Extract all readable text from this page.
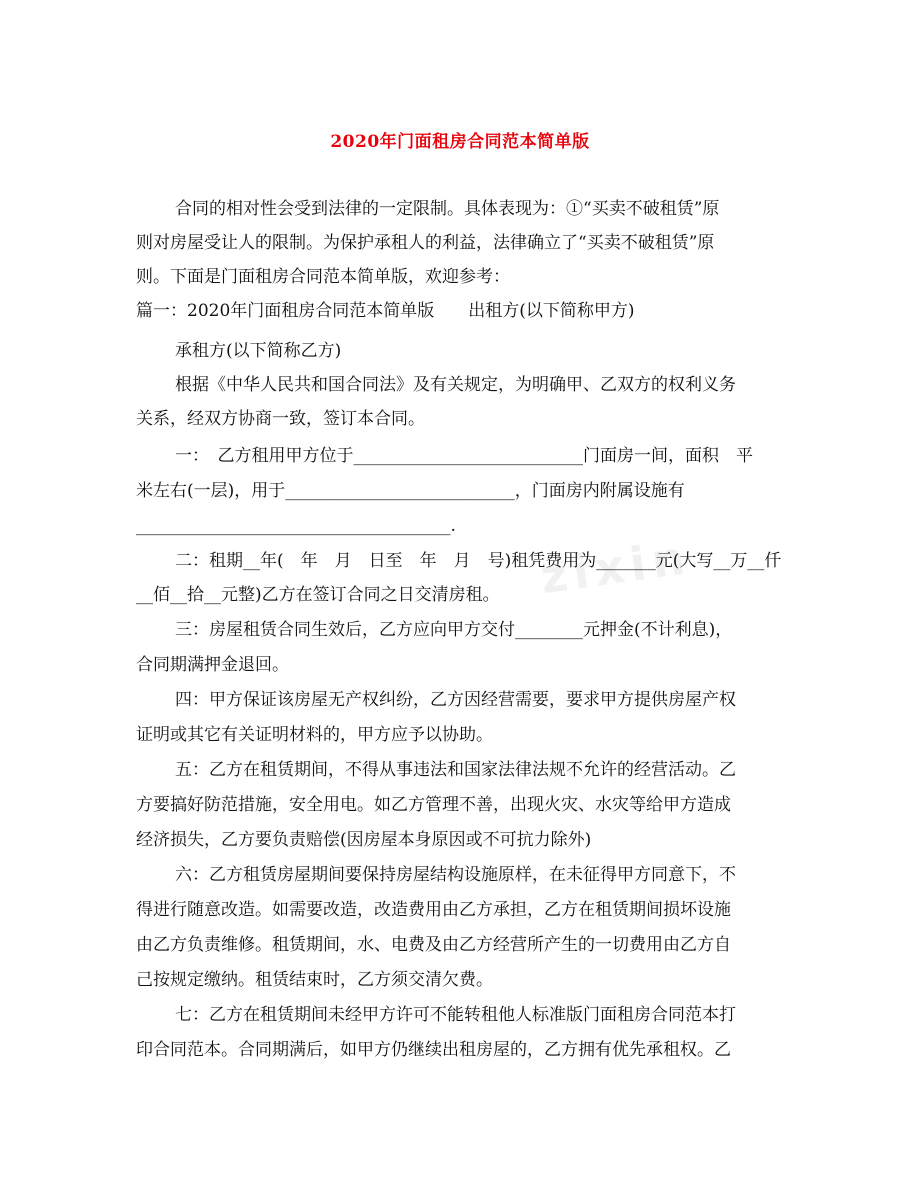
2020年门面租房合同范本简单版
zixin
合同的相对性会受到法律的一定限制。具体表现为：①“买卖不破租赁”原
则对房屋受让人的限制。为保护承租人的利益，法律确立了“买卖不破租赁”原
则。下面是门面租房合同范本简单版，欢迎参考：
篇一：2020年门面租房合同范本简单版　　出租方(以下简称甲方)
承租方(以下简称乙方)
根据《中华人民共和国合同法》及有关规定，为明确甲、乙双方的权利义务
关系，经双方协商一致，签订本合同。
一：　乙方租用甲方位于___________________________门面房一间，面积　平
米左右(一层)，用于___________________________，门面房内附属设施有
_____________________________________.
二：租期__年(　年　月　日至　年　月　号)租凭费用为_______元(大写__万__仟
__佰__拾__元整)乙方在签订合同之日交清房租。
三：房屋租赁合同生效后，乙方应向甲方交付________元押金(不计利息)，
合同期满押金退回。
四：甲方保证该房屋无产权纠纷，乙方因经营需要，要求甲方提供房屋产权
证明或其它有关证明材料的，甲方应予以协助。
五：乙方在租赁期间，不得从事违法和国家法律法规不允许的经营活动。乙
方要搞好防范措施，安全用电。如乙方管理不善，出现火灾、水灾等给甲方造成
经济损失，乙方要负责赔偿(因房屋本身原因或不可抗力除外)
六：乙方租赁房屋期间要保持房屋结构设施原样，在未征得甲方同意下，不
得进行随意改造。如需要改造，改造费用由乙方承担，乙方在租赁期间损坏设施
由乙方负责维修。租赁期间，水、电费及由乙方经营所产生的一切费用由乙方自
己按规定缴纳。租赁结束时，乙方须交清欠费。
七：乙方在租赁期间未经甲方许可不能转租他人标准版门面租房合同范本打
印合同范本。合同期满后，如甲方仍继续出租房屋的，乙方拥有优先承租权。乙
